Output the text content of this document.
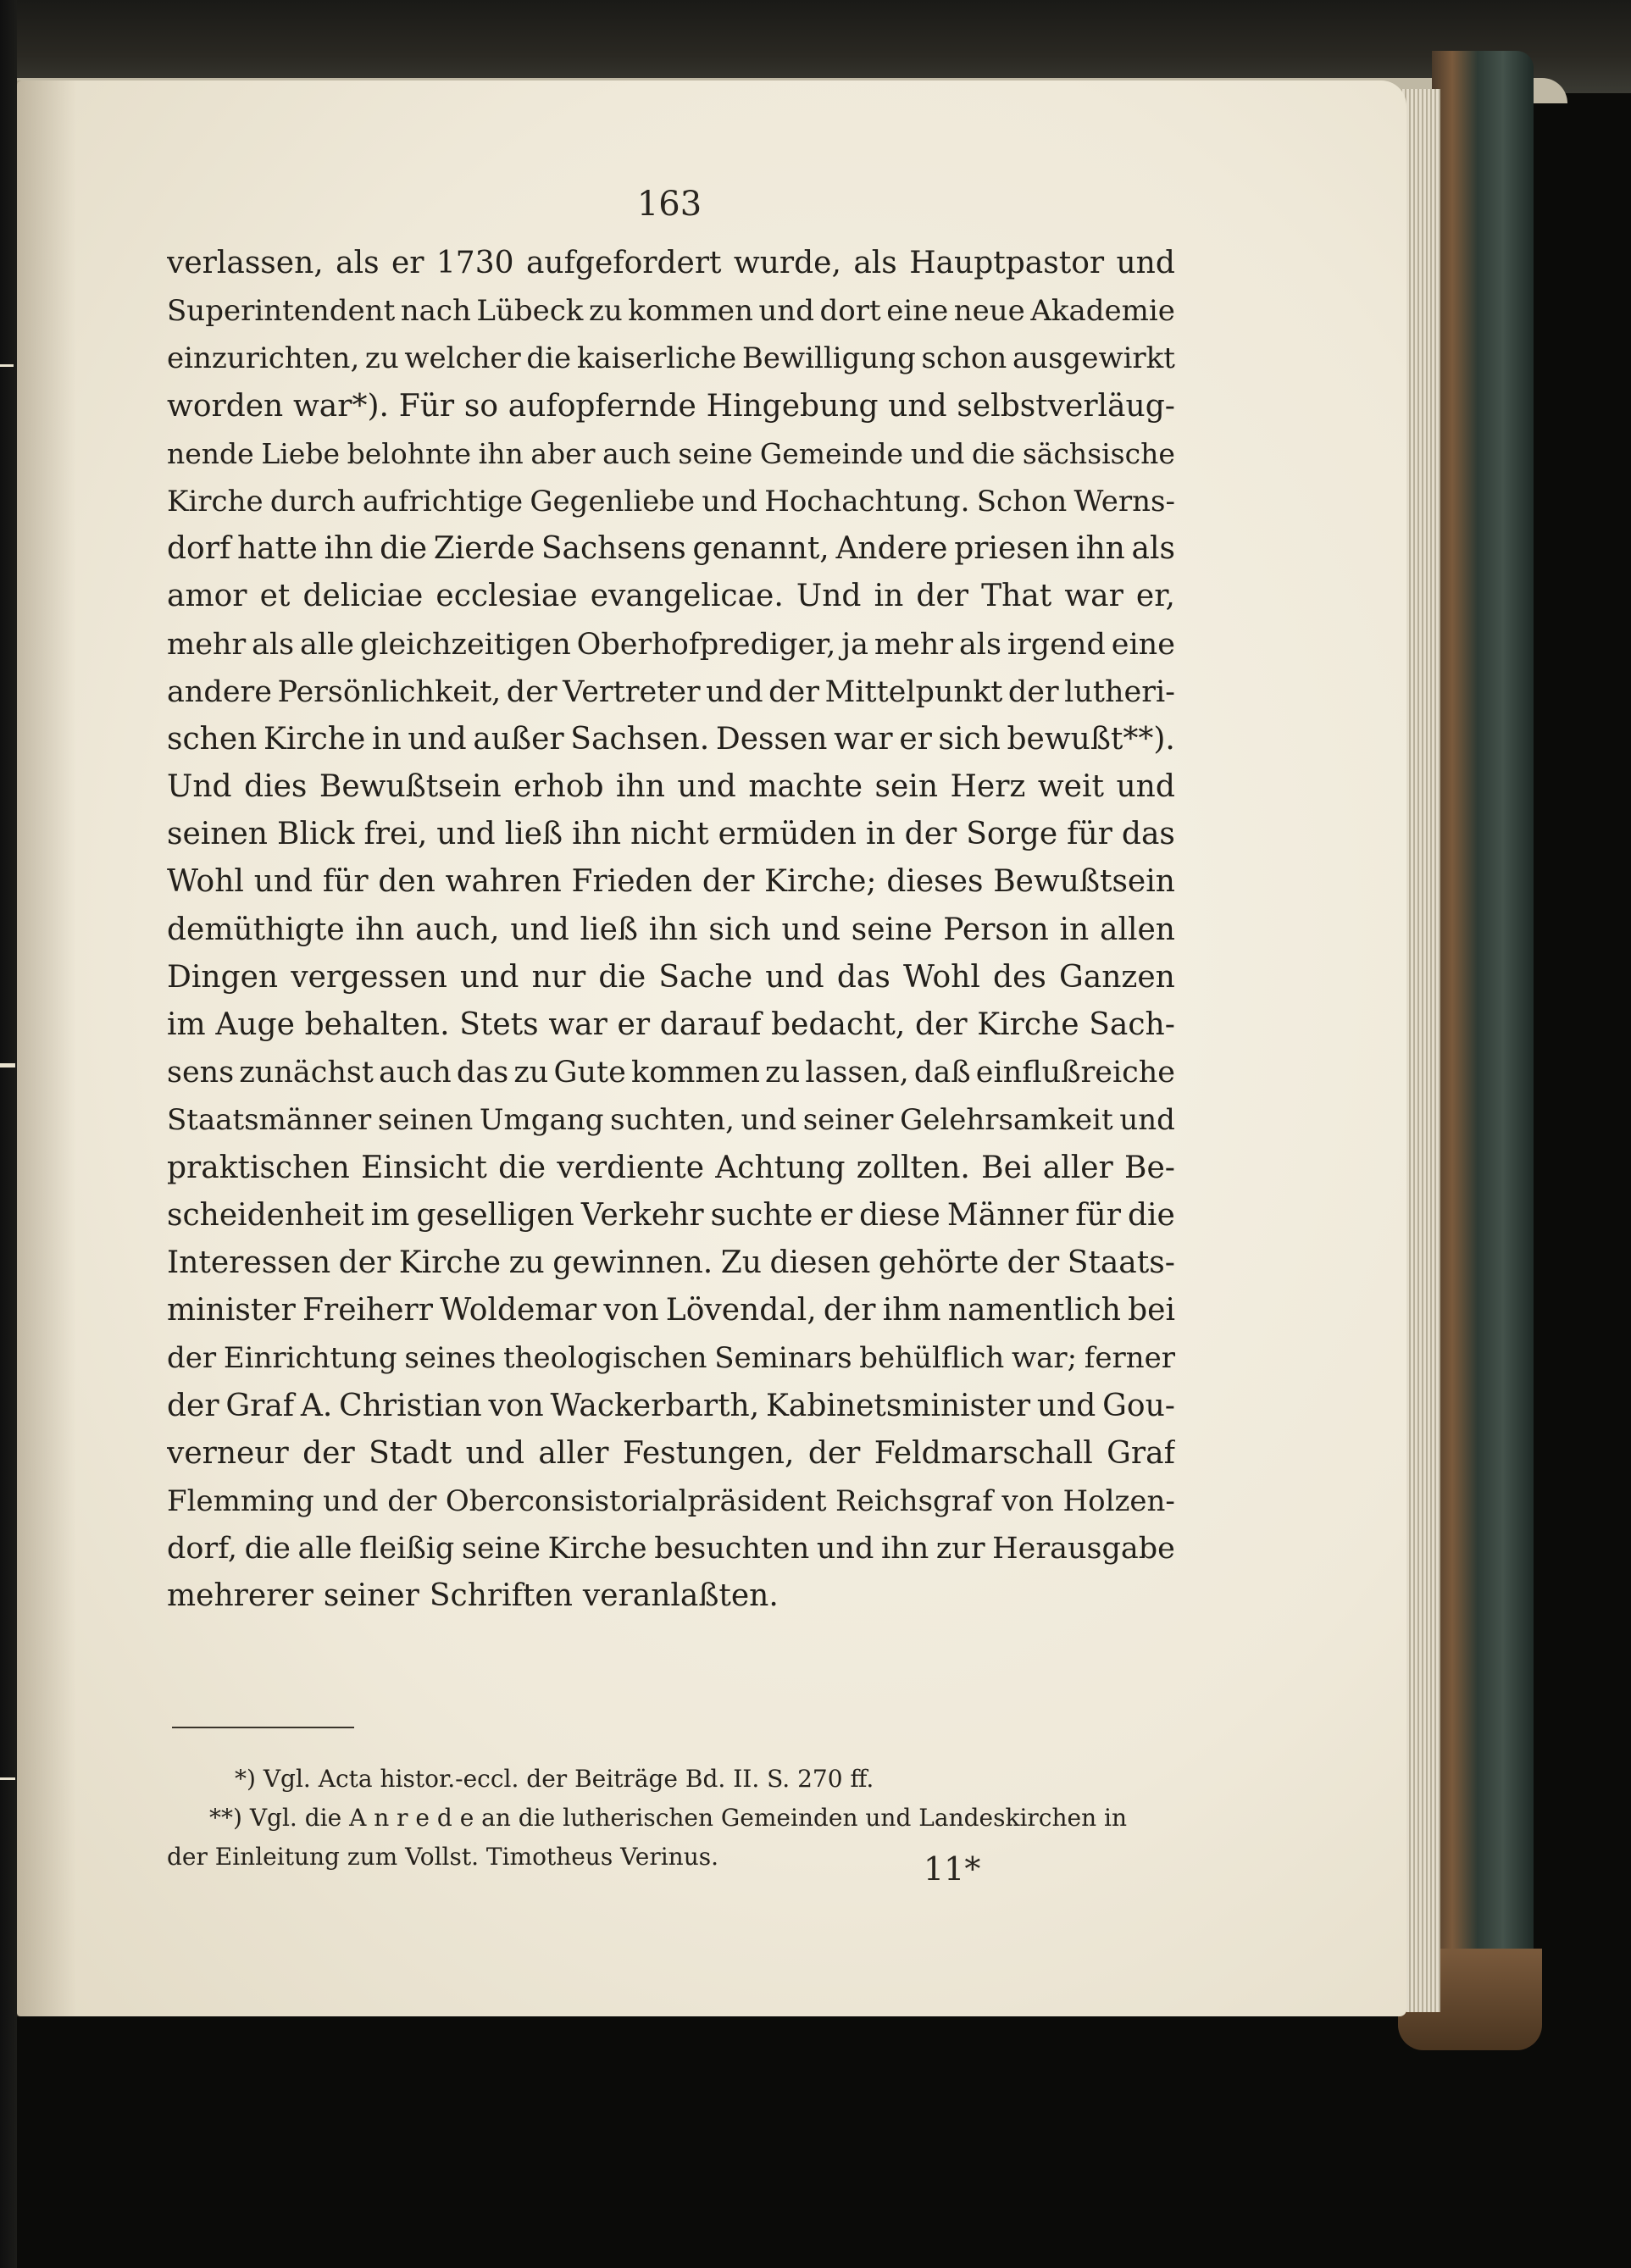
163
verlassen, als er 1730 aufgefordert wurde, als Hauptpastor und
Superintendent nach Lübeck zu kommen und dort eine neue Akademie
einzurichten, zu welcher die kaiserliche Bewilligung schon ausgewirkt
worden war*). Für so aufopfernde Hingebung und selbstverläug-
nende Liebe belohnte ihn aber auch seine Gemeinde und die sächsische
Kirche durch aufrichtige Gegenliebe und Hochachtung. Schon Werns-
dorf hatte ihn die Zierde Sachsens genannt, Andere priesen ihn als
amor et deliciae ecclesiae evangelicae. Und in der That war er,
mehr als alle gleichzeitigen Oberhofprediger, ja mehr als irgend eine
andere Persönlichkeit, der Vertreter und der Mittelpunkt der lutheri-
schen Kirche in und außer Sachsen. Dessen war er sich bewußt**).
Und dies Bewußtsein erhob ihn und machte sein Herz weit und
seinen Blick frei, und ließ ihn nicht ermüden in der Sorge für das
Wohl und für den wahren Frieden der Kirche; dieses Bewußtsein
demüthigte ihn auch, und ließ ihn sich und seine Person in allen
Dingen vergessen und nur die Sache und das Wohl des Ganzen
im Auge behalten. Stets war er darauf bedacht, der Kirche Sach-
sens zunächst auch das zu Gute kommen zu lassen, daß einflußreiche
Staatsmänner seinen Umgang suchten, und seiner Gelehrsamkeit und
praktischen Einsicht die verdiente Achtung zollten. Bei aller Be-
scheidenheit im geselligen Verkehr suchte er diese Männer für die
Interessen der Kirche zu gewinnen. Zu diesen gehörte der Staats-
minister Freiherr Woldemar von Lövendal, der ihm namentlich bei
der Einrichtung seines theologischen Seminars behülflich war; ferner
der Graf A. Christian von Wackerbarth, Kabinetsminister und Gou-
verneur der Stadt und aller Festungen, der Feldmarschall Graf
Flemming und der Oberconsistorialpräsident Reichsgraf von Holzen-
dorf, die alle fleißig seine Kirche besuchten und ihn zur Herausgabe
mehrerer seiner Schriften veranlaßten.
*) Vgl. Acta histor.-eccl. der Beiträge Bd. II. S. 270 ff.
**) Vgl. die A n r e d e an die lutherischen Gemeinden und Landeskirchen in
der Einleitung zum Vollst. Timotheus Verinus.	11*
